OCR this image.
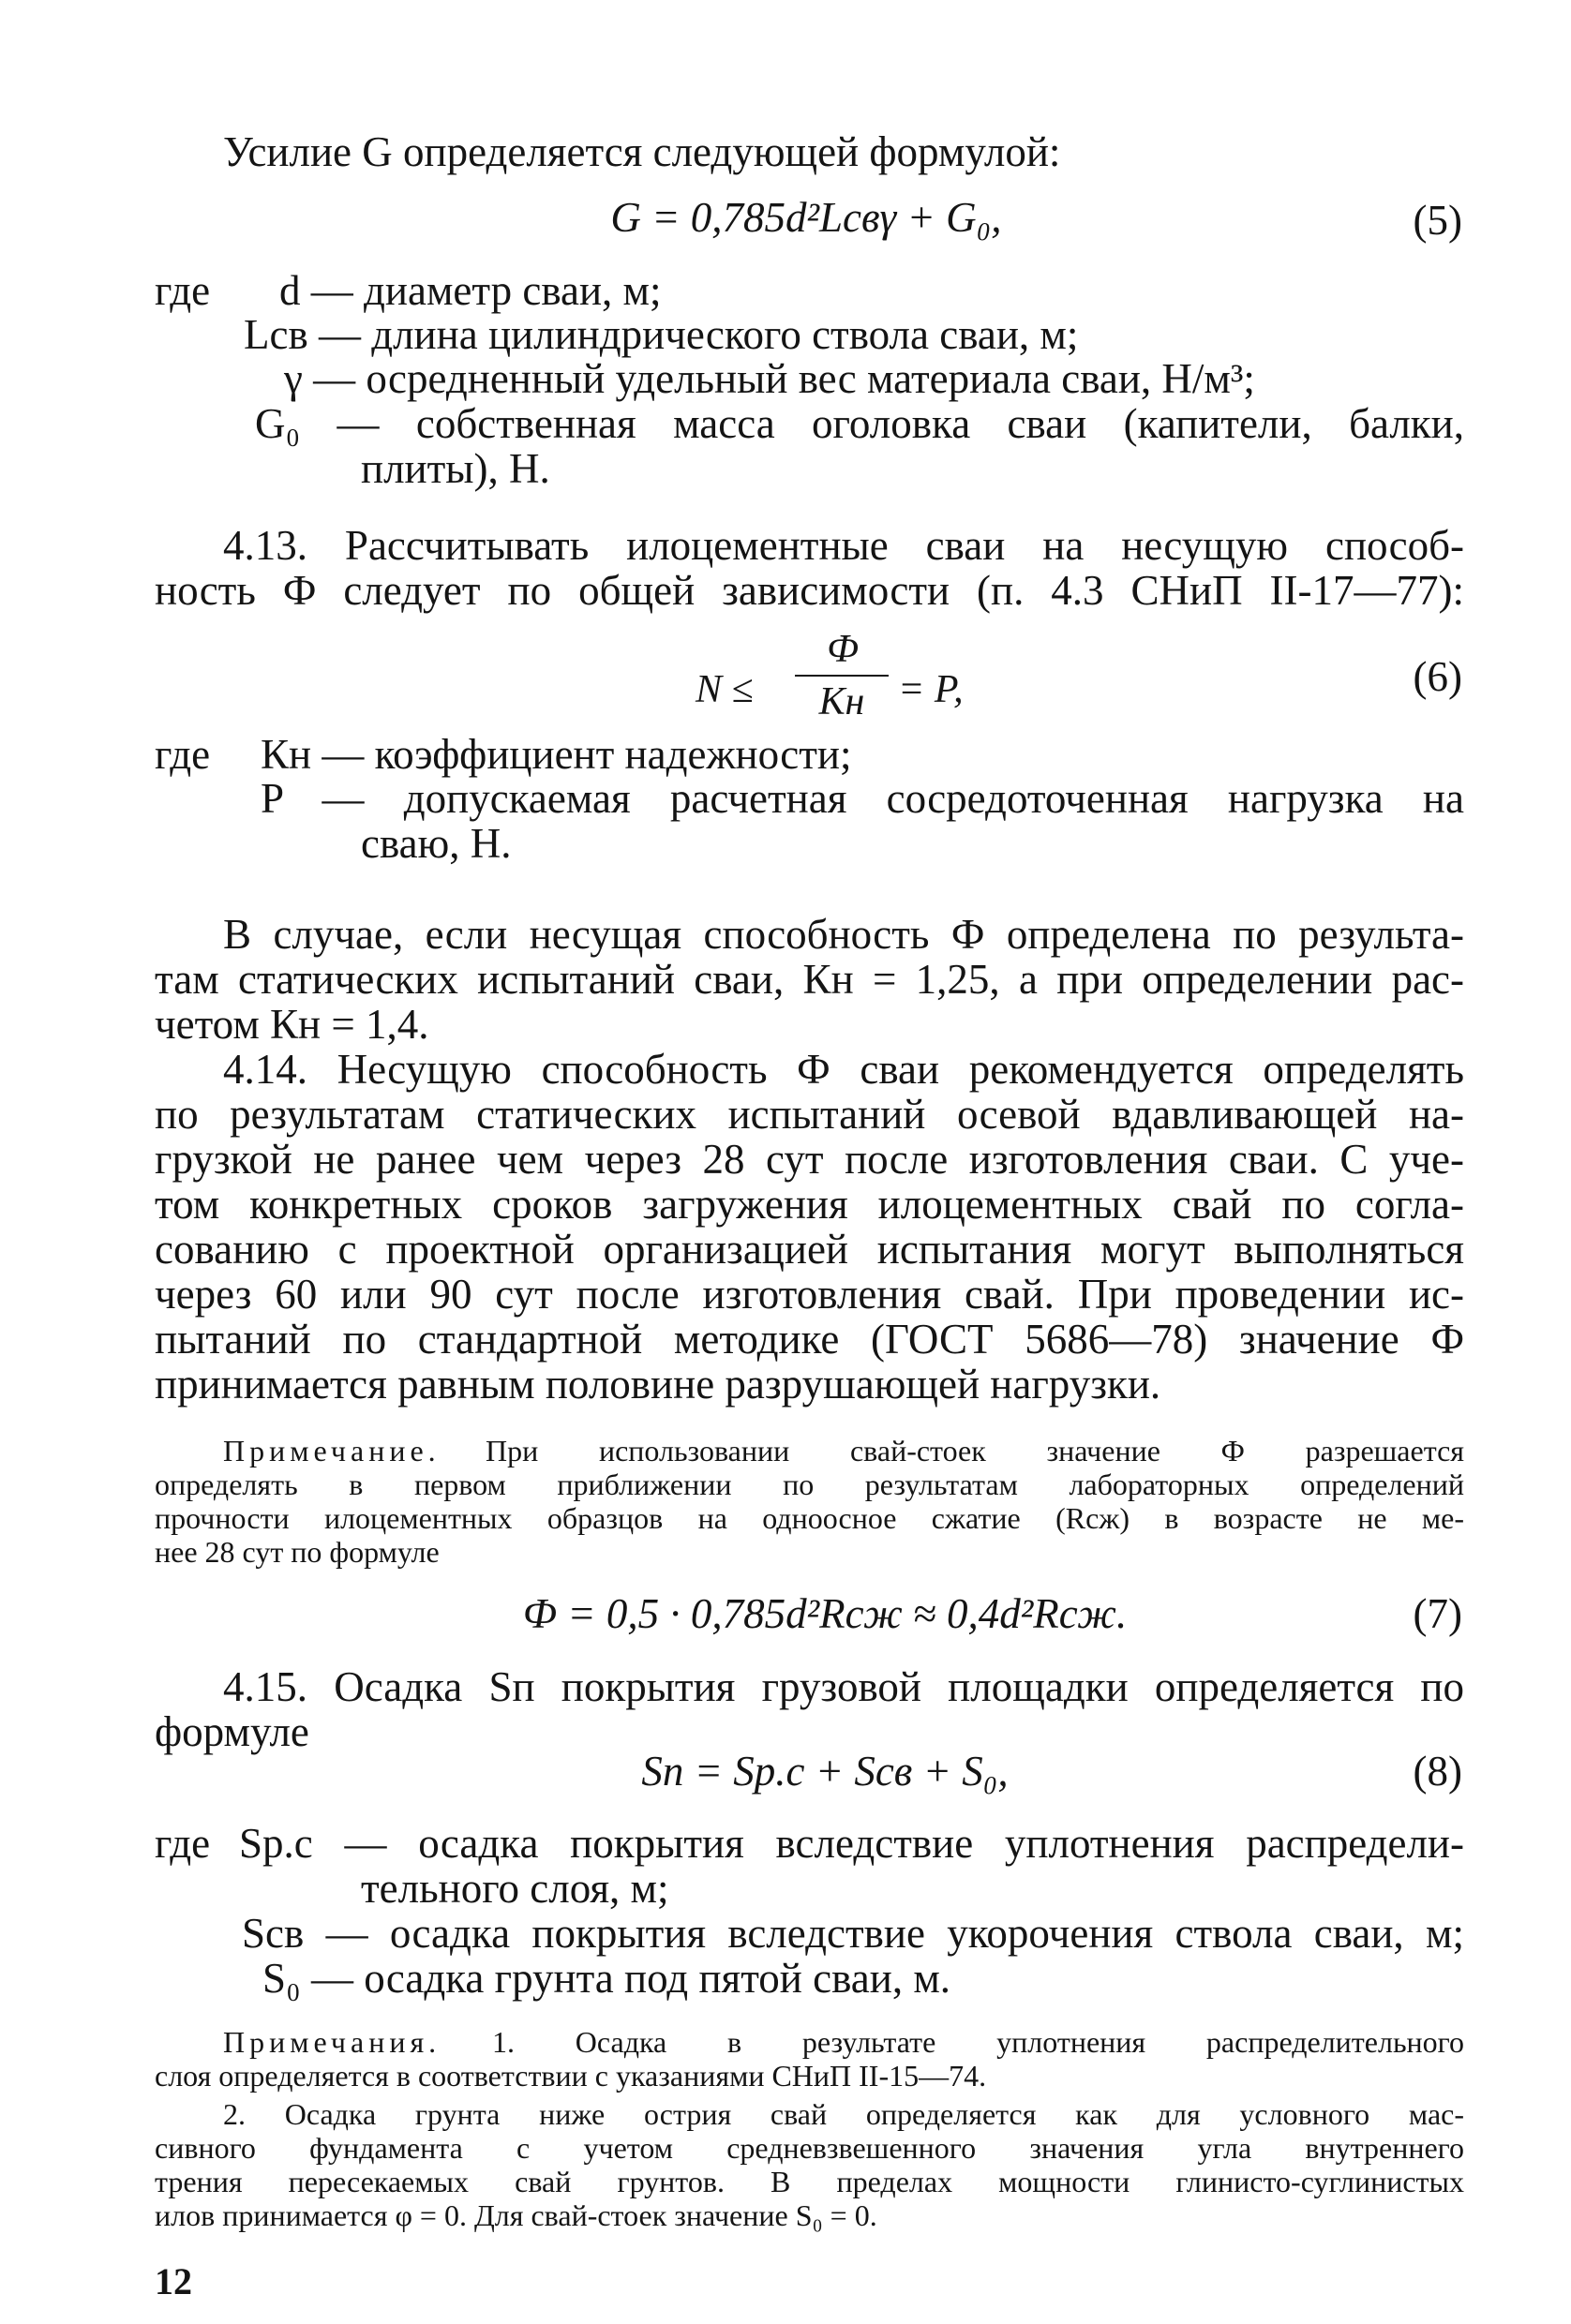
Усилие G определяется следующей формулой:
G = 0,785d²Lсвγ + G₀,	(5)
где d — диаметр сваи, м;
Lсв — длина цилиндрического ствола сваи, м;
γ — осредненный удельный вес материала сваи, Н/м³;
G₀ — собственная масса оголовка сваи (капители, балки,
плиты), Н.
4.13. Рассчитывать илоцементные сваи на несущую способ-
ность Ф следует по общей зависимости (п. 4.3 СНиП II-17—77):
N ≤
Ф
Кн = P,	(6)
где Кн — коэффициент надежности;
P — допускаемая расчетная сосредоточенная нагрузка на
сваю, Н.
В случае, если несущая способность Ф определена по результа-
там статических испытаний сваи, Кн = 1,25, а при определении рас-
четом Кн = 1,4.
4.14. Несущую способность Ф сваи рекомендуется определять
по результатам статических испытаний осевой вдавливающей на-
грузкой не ранее чем через 28 сут после изготовления сваи. С уче-
том конкретных сроков загружения илоцементных свай по согла-
сованию с проектной организацией испытания могут выполняться
через 60 или 90 сут после изготовления свай. При проведении ис-
пытаний по стандартной методике (ГОСТ 5686—78) значение Ф
принимается равным половине разрушающей нагрузки.
Примечание. При использовании свай-стоек значение Ф разрешается
определять в первом приближении по результатам лабораторных определений
прочности илоцементных образцов на одноосное сжатие (Rсж) в возрасте не ме-
нее 28 сут по формуле
Ф = 0,5 · 0,785d²Rсж ≈ 0,4d²Rсж.	(7)
4.15. Осадка Sп покрытия грузовой площадки определяется по
формуле
Sп = Sр.с + Sсв + S₀,	(8)
где Sр.с — осадка покрытия вследствие уплотнения распредели-
тельного слоя, м;
Sсв — осадка покрытия вследствие укорочения ствола сваи, м;
S₀ — осадка грунта под пятой сваи, м.
Примечания. 1. Осадка в результате уплотнения распределительного
слоя определяется в соответствии с указаниями СНиП II-15—74.
2. Осадка грунта ниже острия свай определяется как для условного мас-
сивного фундамента с учетом средневзвешенного значения угла внутреннего
трения пересекаемых свай грунтов. В пределах мощности глинисто-суглинистых
илов принимается φ = 0. Для свай-стоек значение S₀ = 0.
12
